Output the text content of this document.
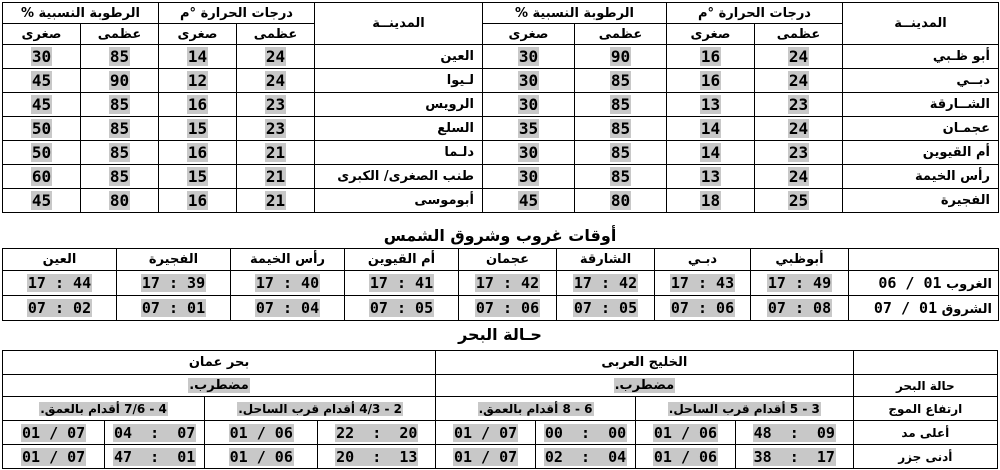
المدينــة	درجات الحرارة °م		الرطوبة النسبية %		المدينــة	درجات الحرارة °م		الرطوبة النسبية %	
	عظمى	صغرى	عظمى	صغرى		عظمى	صغرى	عظمى	صغرى
أبو ظـبي	24	16	90	30	العين	24	14	85	30
دبــي	24	16	85	30	لـيوا	24	12	90	45
الشــارقة	23	13	85	30	الرويس	23	16	85	45
عجمـان	24	14	85	35	السلع	23	15	85	50
أم القيوين	23	14	85	30	دلـما	21	16	85	50
رأس الخيمة	24	13	85	30	طنب الصغرى/ الكبرى	21	15	85	60
الفجيرة	25	18	80	45	أبوموسى	21	16	80	45
أوقات غروب وشروق الشمس
	أبوظبي	دبـي	الشارقة	عجمان	أم القيوين	رأس الخيمة	الفجيرة	العين
الغروب 06 / 01	17 : 49	17 : 43	17 : 42	17 : 42	17 : 41	17 : 40	17 : 39	17 : 44
الشروق 07 / 01	07 : 08	07 : 06	07 : 05	07 : 06	07 : 05	07 : 04	07 : 01	07 : 02
حـالة البحر
	الخليج العربى				بحر عمان			
حالة البحر	مضطرب.				مضطرب.			
ارتفاع الموج	3 - 5 أقدام قرب الساحل.		6 - 8 أقدام بالعمق.		2 - 4/3 أقدام قرب الساحل.		4 - 7/6 أقدام بالعمق.	
أعلى مد	48  :  09	01 / 06	00  :  00	01 / 07	22  :  20	01 / 06	04  :  07	01 / 07
أدنى جزر	38  :  17	01 / 06	02  :  04	01 / 07	20  :  13	01 / 06	47  :  01	01 / 07
